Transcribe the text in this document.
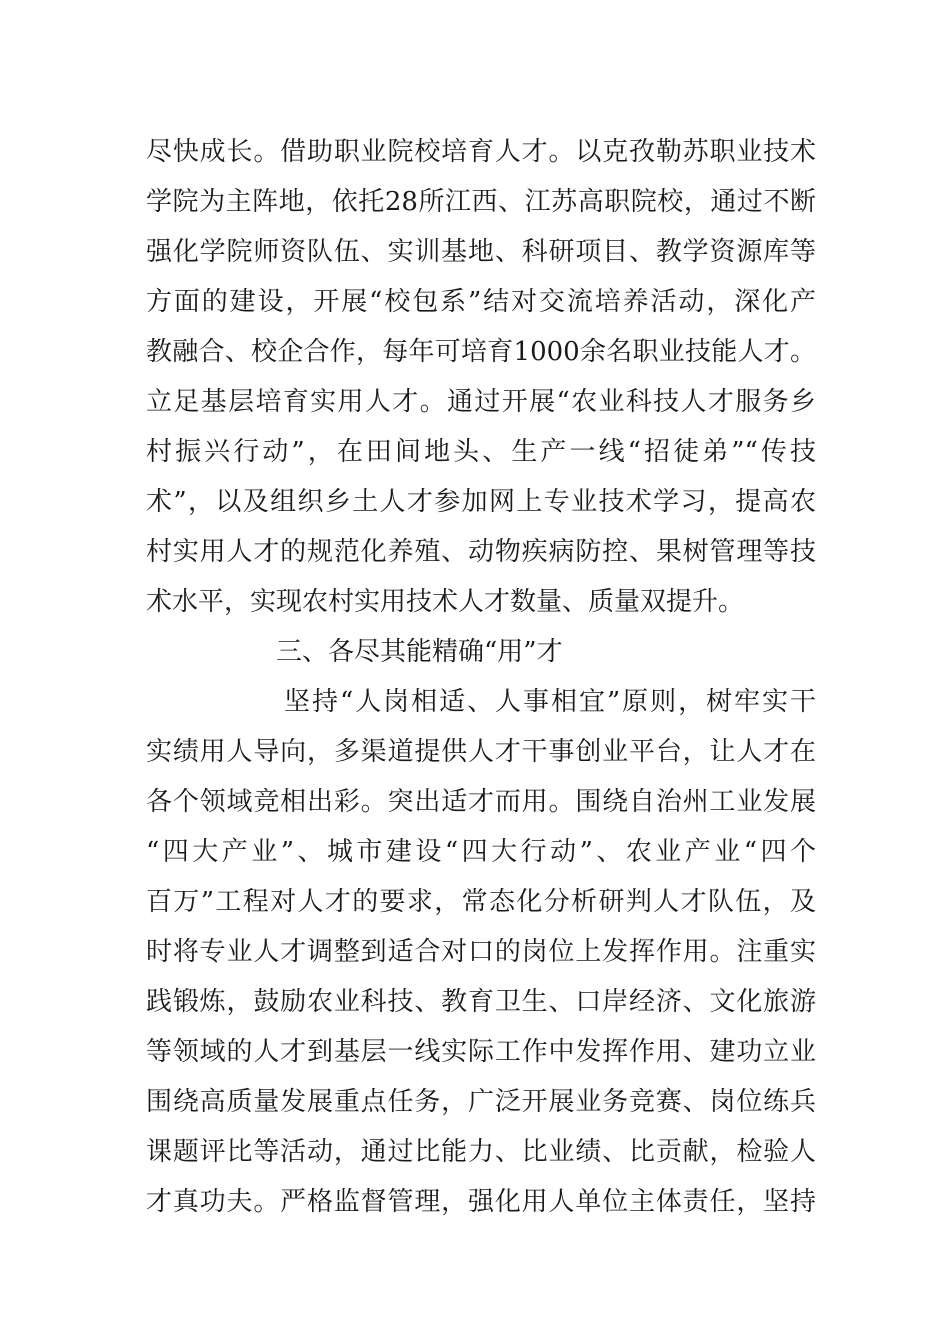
尽快成长。借助职业院校培育人才。以克孜勒苏职业技术
学院为主阵地，依托28所江西、江苏高职院校，通过不断
强化学院师资队伍、实训基地、科研项目、教学资源库等
方面的建设，开展“校包系”结对交流培养活动，深化产
教融合、校企合作，每年可培育1000余名职业技能人才。
立足基层培育实用人才。通过开展“农业科技人才服务乡
村振兴行动”，在田间地头、生产一线“招徒弟”“传技
术”，以及组织乡土人才参加网上专业技术学习，提高农
村实用人才的规范化养殖、动物疾病防控、果树管理等技
术水平，实现农村实用技术人才数量、质量双提升。
三、各尽其能精确“用”才
坚持“人岗相适、人事相宜”原则，树牢实干
实绩用人导向，多渠道提供人才干事创业平台，让人才在
各个领域竞相出彩。突出适才而用。围绕自治州工业发展
“四大产业”、城市建设“四大行动”、农业产业“四个
百万”工程对人才的要求，常态化分析研判人才队伍，及
时将专业人才调整到适合对口的岗位上发挥作用。注重实
践锻炼，鼓励农业科技、教育卫生、口岸经济、文化旅游
等领域的人才到基层一线实际工作中发挥作用、建功立业
围绕高质量发展重点任务，广泛开展业务竞赛、岗位练兵
课题评比等活动，通过比能力、比业绩、比贡献，检验人
才真功夫。严格监督管理，强化用人单位主体责任，坚持
